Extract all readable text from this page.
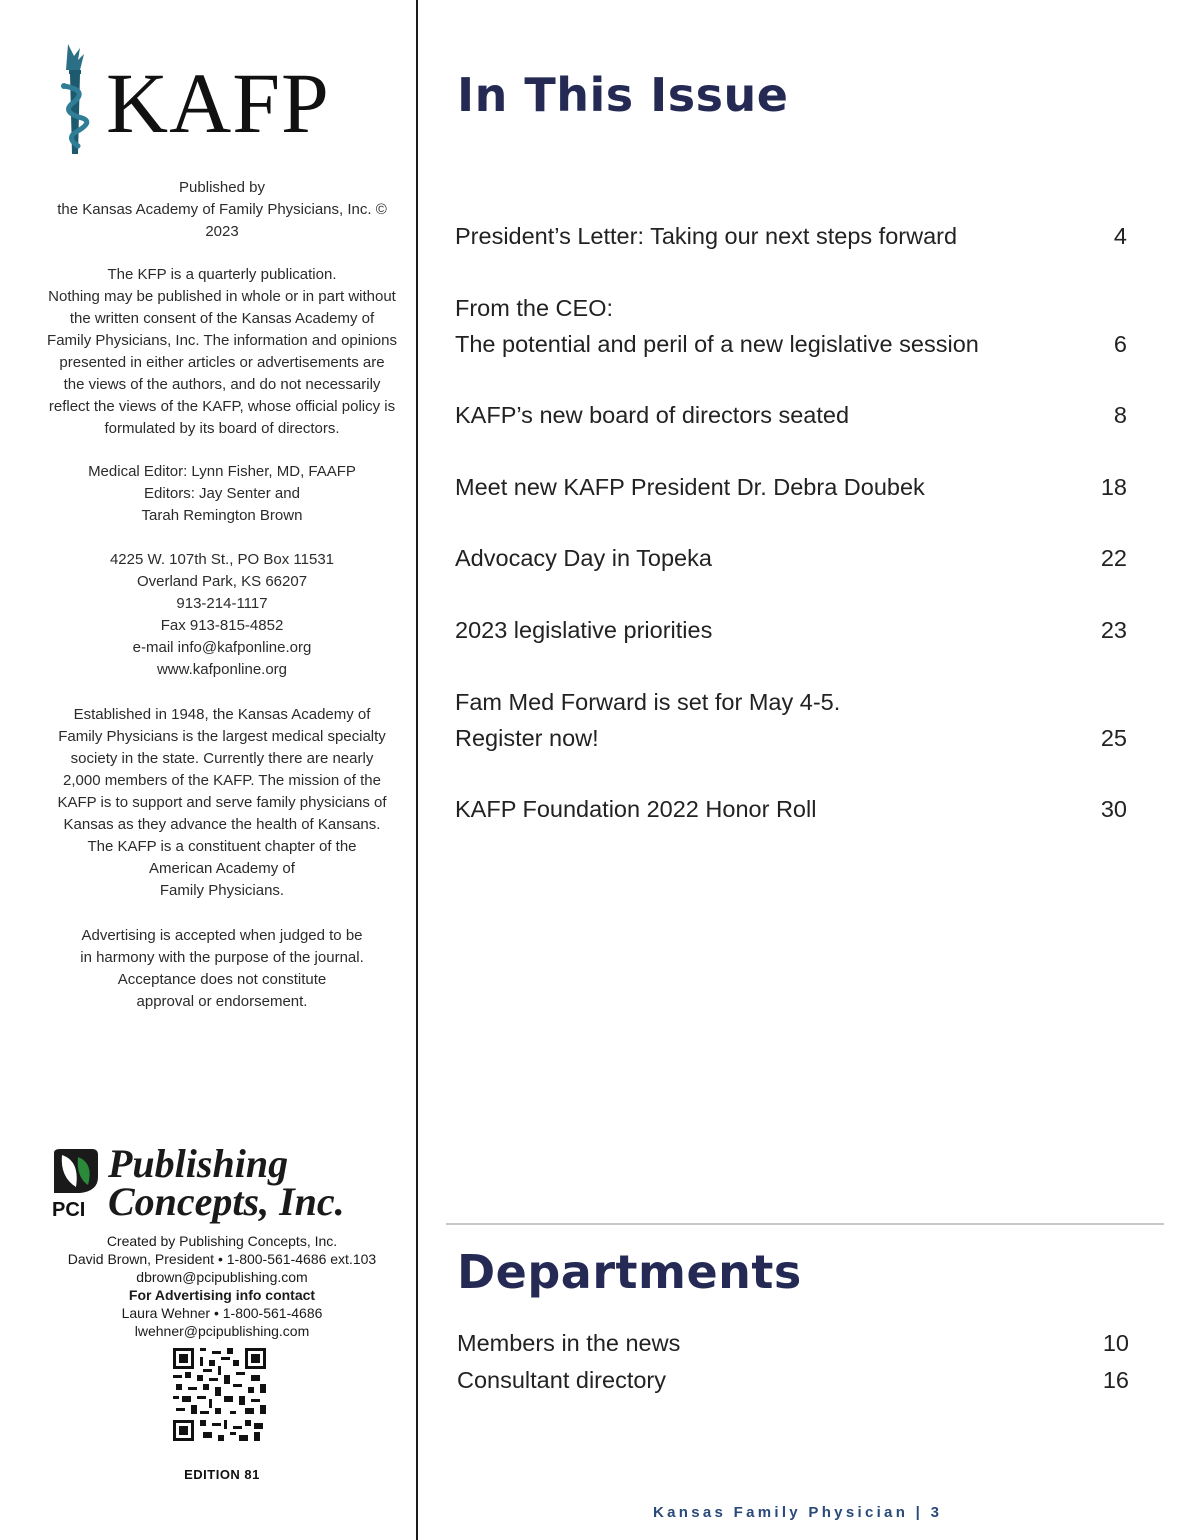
KAFP

Published by

the Kansas Academy of Family Physicians, Inc. ©

2023

The KFP is a quarterly publication.

Nothing may be published in whole or in part without

the written consent of the Kansas Academy of

Family Physicians, Inc. The information and opinions

presented in either articles or advertisements are

the views of the authors, and do not necessarily

reflect the views of the KAFP, whose official policy is

formulated by its board of directors.

Medical Editor: Lynn Fisher, MD, FAAFP

Editors: Jay Senter and

Tarah Remington Brown

4225 W. 107th St., PO Box 11531

Overland Park, KS 66207

913-214-1117

Fax 913-815-4852

e-mail info@kafponline.org

www.kafponline.org

Established in 1948, the Kansas Academy of

Family Physicians is the largest medical specialty

society in the state. Currently there are nearly

2,000 members of the KAFP. The mission of the

KAFP is to support and serve family physicians of

Kansas as they advance the health of Kansans.

The KAFP is a constituent chapter of the

American Academy of

Family Physicians.

Advertising is accepted when judged to be

in harmony with the purpose of the journal.

Acceptance does not constitute

approval or endorsement.

Publishing
Concepts, Inc.
PCI
Created by Publishing Concepts, Inc.
David Brown, President • 1-800-561-4686 ext.103
dbrown@pcipublishing.com
For Advertising info contact
Laura Wehner • 1-800-561-4686
lwehner@pcipublishing.com
EDITION 81
In This Issue
President’s Letter: Taking our next steps forward	4
From the CEO:
The potential and peril of a new legislative session	6
KAFP’s new board of directors seated	8
Meet new KAFP President Dr. Debra Doubek	18
Advocacy Day in Topeka	22
2023 legislative priorities	23
Fam Med Forward is set for May 4-5.
Register now!	25
KAFP Foundation 2022 Honor Roll	30
Departments
Members in the news	10
Consultant directory	16
Kansas Family Physician | 3
